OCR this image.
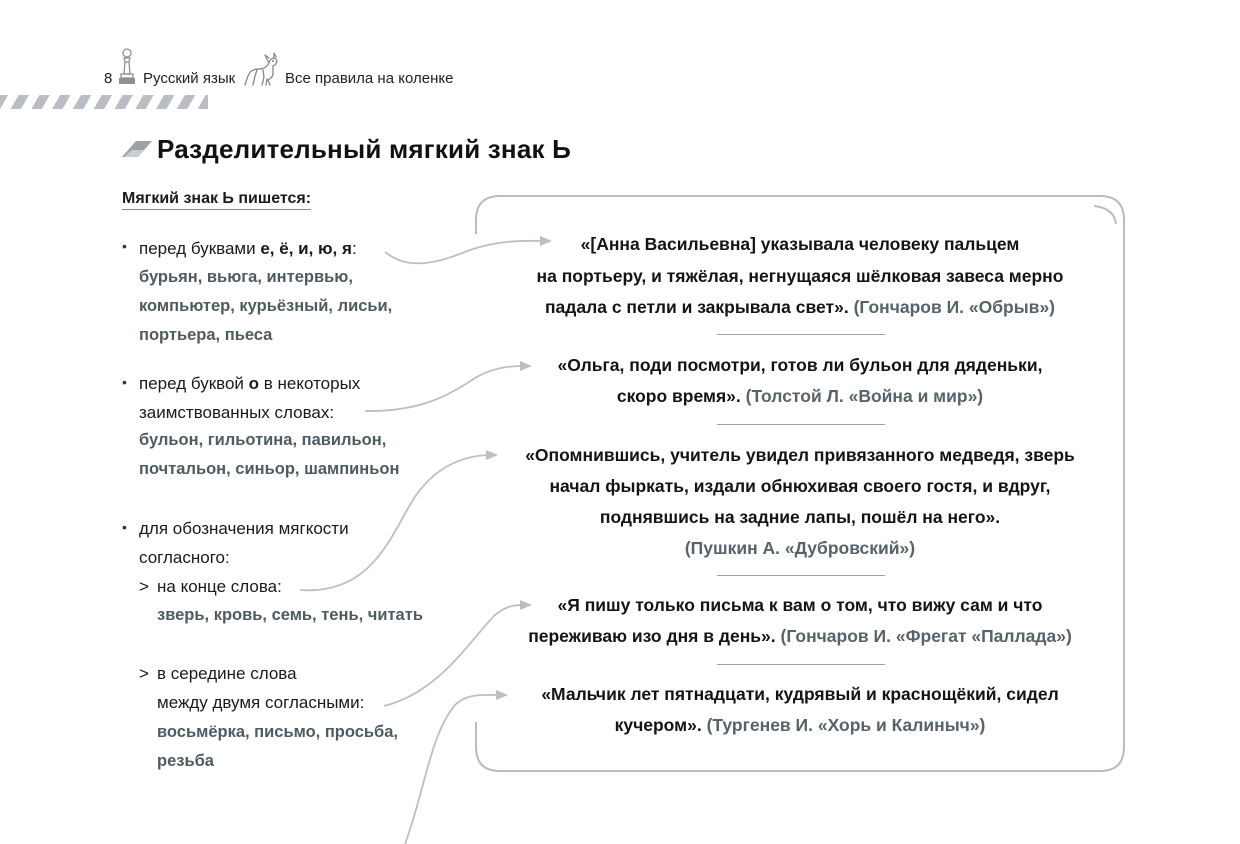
8 Русский язык	Все правила на коленке
Разделительный мягкий знак Ь
Мягкий знак Ь пишется:
• перед буквами е, ё, и, ю, я:
бурьян, вьюга, интервью,
компьютер, курьёзный, лисьи,
портьера, пьеса
• перед буквой о в некоторых
заимствованных словах:
бульон, гильотина, павильон,
почтальон, синьор, шампиньон
• для обозначения мягкости
согласного:
> на конце слова:
зверь, кровь, семь, тень, читать
> в середине слова
между двумя согласными:
восьмёрка, письмо, просьба,
резьба
«[Анна Васильевна] указывала человеку пальцем
на портьеру, и тяжёлая, негнущаяся шёлковая завеса мерно
падала с петли и закрывала свет». (Гончаров И. «Обрыв»)
«Ольга, поди посмотри, готов ли бульон для дяденьки,
скоро время». (Толстой Л. «Война и мир»)
«Опомнившись, учитель увидел привязанного медведя, зверь
начал фыркать, издали обнюхивая своего гостя, и вдруг,
поднявшись на задние лапы, пошёл на него».
(Пушкин А. «Дубровский»)
«Я пишу только письма к вам о том, что вижу сам и что
переживаю изо дня в день». (Гончаров И. «Фрегат «Паллада»)
«Мальчик лет пятнадцати, кудрявый и краснощёкий, сидел
кучером». (Тургенев И. «Хорь и Калиныч»)
